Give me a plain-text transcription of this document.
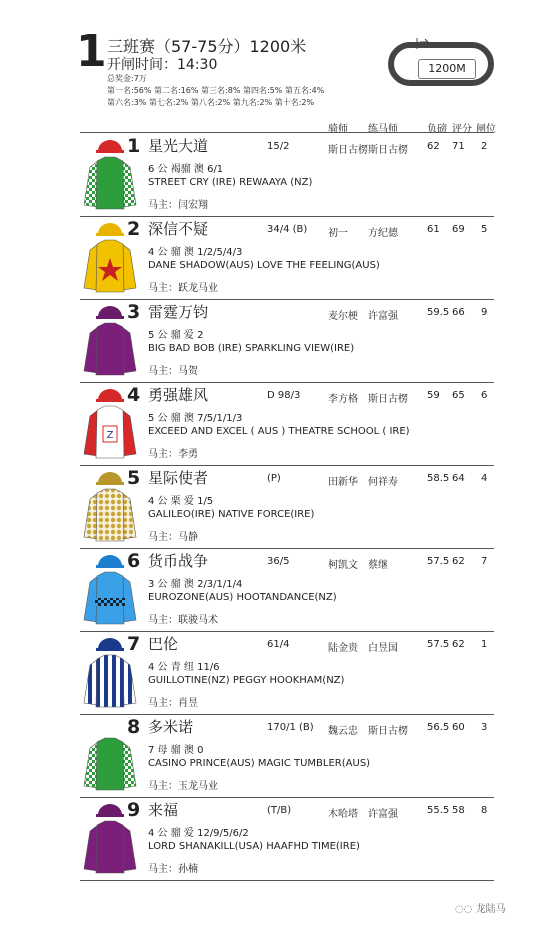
1 三班赛（57-75分）1200米
开闸时间：14:30
总奖金:7万
第一名:56% 第二名:16% 第三名:8% 第四名:5% 第五名:4%
第六名:3% 第七名:2% 第八名:2% 第九名:2% 第十名:2%
1200M
骑师 练马师	负磅 评分 闸位
1 星光大道	15/2	斯日古楞 斯日古楞 62 71 2
6 公 褐骝 澳 6/1
STREET CRY (IRE) REWAAYA (NZ)
马主：闫宏翔
2 深信不疑	34/4 (B) 初一 方纪德	61 69 5
4 公 骝 澳 1/2/5/4/3
DANE SHADOW(AUS) LOVE THE FEELING(AUS)
马主：跃龙马业
3 雷霆万钧	麦尔梗 许富强	59.5 66 9
5 公 骝 爱 2
BIG BAD BOB (IRE) SPARKLING VIEW(IRE)
马主：马贺
Z
4 勇强雄风	D 98/3	李方格 斯日古楞 59 65 6
5 公 骝 澳 7/5/1/1/3
EXCEED AND EXCEL ( AUS ) THEATRE SCHOOL ( IRE)
马主：李勇
5 星际使者	(P)	田新华 何祥寿	58.5 64 4
4 公 栗 爱 1/5
GALILEO(IRE) NATIVE FORCE(IRE)
马主：马静
6 货币战争	36/5	柯凯文 蔡继	57.5 62 7
3 公 骝 澳 2/3/1/1/4
EUROZONE(AUS) HOOTANDANCE(NZ)
马主：联骏马术
7 巴伦	61/4	陆金贵 白昱国	57.5 62 1
4 公 青 纽 11/6
GUILLOTINE(NZ) PEGGY HOOKHAM(NZ)
马主：肖昱
8 多米诺	170/1 (B) 魏云忠 斯日古楞 56.5 60 3
7 母 骝 澳 0
CASINO PRINCE(AUS) MAGIC TUMBLER(AUS)
马主：玉龙马业
9 来福	(T/B)	木哈塔 许富强	55.5 58 8
4 公 骝 爱 12/9/5/6/2
LORD SHANAKILL(USA) HAAFHD TIME(IRE)
马主：孙楠
◌◌ 龙陆马
